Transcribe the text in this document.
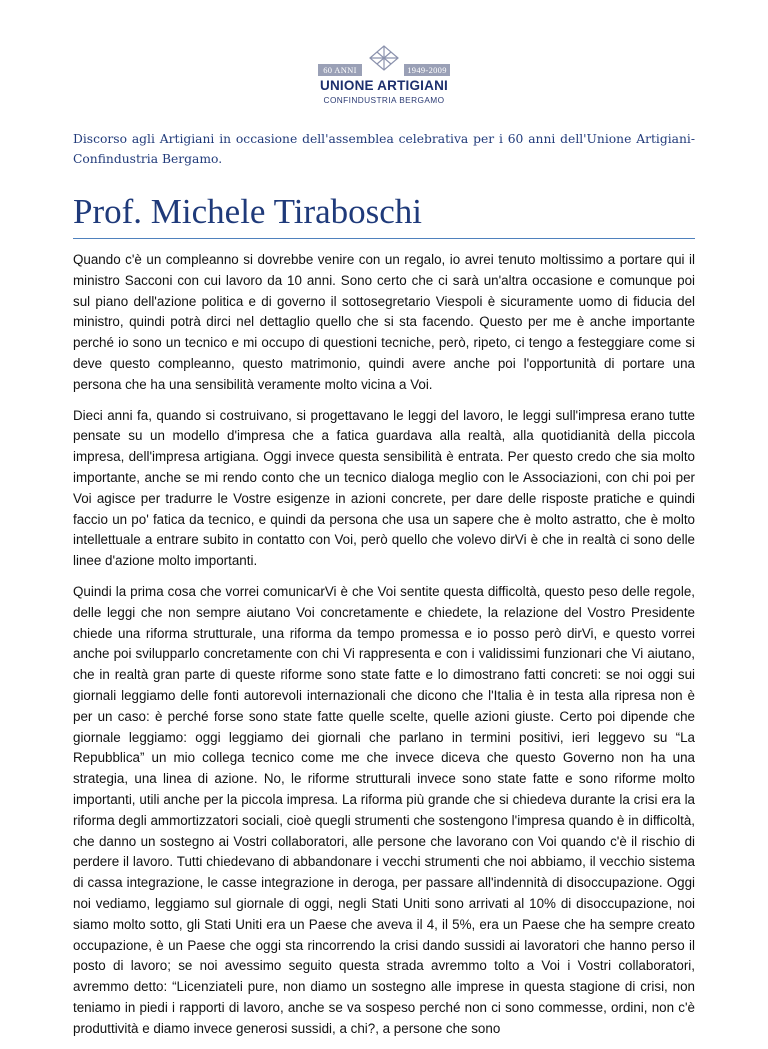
60 ANNI	1949-2009
UNIONE ARTIGIANI
CONFINDUSTRIA BERGAMO
Discorso agli Artigiani in occasione dell'assemblea celebrativa per i 60 anni dell'Unione Artigiani-Confindustria Bergamo.
Prof. Michele Tiraboschi

Quando c'è un compleanno si dovrebbe venire con un regalo, io avrei tenuto moltissimo a portare qui il ministro Sacconi con cui lavoro da 10 anni. Sono certo che ci sarà un'altra occasione e comunque poi sul piano dell'azione politica e di governo il sottosegretario Viespoli è sicuramente uomo di fiducia del ministro, quindi potrà dirci nel dettaglio quello che si sta facendo. Questo per me è anche importante perché io sono un tecnico e mi occupo di questioni tecniche, però, ripeto, ci tengo a festeggiare come si deve questo compleanno, questo matrimonio, quindi avere anche poi l'opportunità di portare una persona che ha una sensibilità veramente molto vicina a Voi.

Dieci anni fa, quando si costruivano, si progettavano le leggi del lavoro, le leggi sull'impresa erano tutte pensate su un modello d'impresa che a fatica guardava alla realtà, alla quotidianità della piccola impresa, dell'impresa artigiana. Oggi invece questa sensibilità è entrata. Per questo credo che sia molto importante, anche se mi rendo conto che un tecnico dialoga meglio con le Associazioni, con chi poi per Voi agisce per tradurre le Vostre esigenze in azioni concrete, per dare delle risposte pratiche e quindi faccio un po' fatica da tecnico, e quindi da persona che usa un sapere che è molto astratto, che è molto intellettuale a entrare subito in contatto con Voi, però quello che volevo dirVi è che in realtà ci sono delle linee d'azione molto importanti.

Quindi la prima cosa che vorrei comunicarVi è che Voi sentite questa difficoltà, questo peso delle regole, delle leggi che non sempre aiutano Voi concretamente e chiedete, la relazione del Vostro Presidente chiede una riforma strutturale, una riforma da tempo promessa e io posso però dirVi, e questo vorrei anche poi svilupparlo concretamente con chi Vi rappresenta e con i validissimi funzionari che Vi aiutano, che in realtà gran parte di queste riforme sono state fatte e lo dimostrano fatti concreti: se noi oggi sui giornali leggiamo delle fonti autorevoli internazionali che dicono che l'Italia è in testa alla ripresa non è per un caso: è perché forse sono state fatte quelle scelte, quelle azioni giuste. Certo poi dipende che giornale leggiamo: oggi leggiamo dei giornali che parlano in termini positivi, ieri leggevo su “La Repubblica” un mio collega tecnico come me che invece diceva che questo Governo non ha una strategia, una linea di azione. No, le riforme strutturali invece sono state fatte e sono riforme molto importanti, utili anche per la piccola impresa. La riforma più grande che si chiedeva durante la crisi era la riforma degli ammortizzatori sociali, cioè quegli strumenti che sostengono l'impresa quando è in difficoltà, che danno un sostegno ai Vostri collaboratori, alle persone che lavorano con Voi quando c'è il rischio di perdere il lavoro. Tutti chiedevano di abbandonare i vecchi strumenti che noi abbiamo, il vecchio sistema di cassa integrazione, le casse integrazione in deroga, per passare all'indennità di disoccupazione. Oggi noi vediamo, leggiamo sul giornale di oggi, negli Stati Uniti sono arrivati al 10% di disoccupazione, noi siamo molto sotto, gli Stati Uniti era un Paese che aveva il 4, il 5%, era un Paese che ha sempre creato occupazione, è un Paese che oggi sta rincorrendo la crisi dando sussidi ai lavoratori che hanno perso il posto di lavoro; se noi avessimo seguito questa strada avremmo tolto a Voi i Vostri collaboratori, avremmo detto: “Licenziateli pure, non diamo un sostegno alle imprese in questa stagione di crisi, non teniamo in piedi i rapporti di lavoro, anche se va sospeso perché non ci sono commesse, ordini, non c'è produttività e diamo invece generosi sussidi, a chi?, a persone che sono
